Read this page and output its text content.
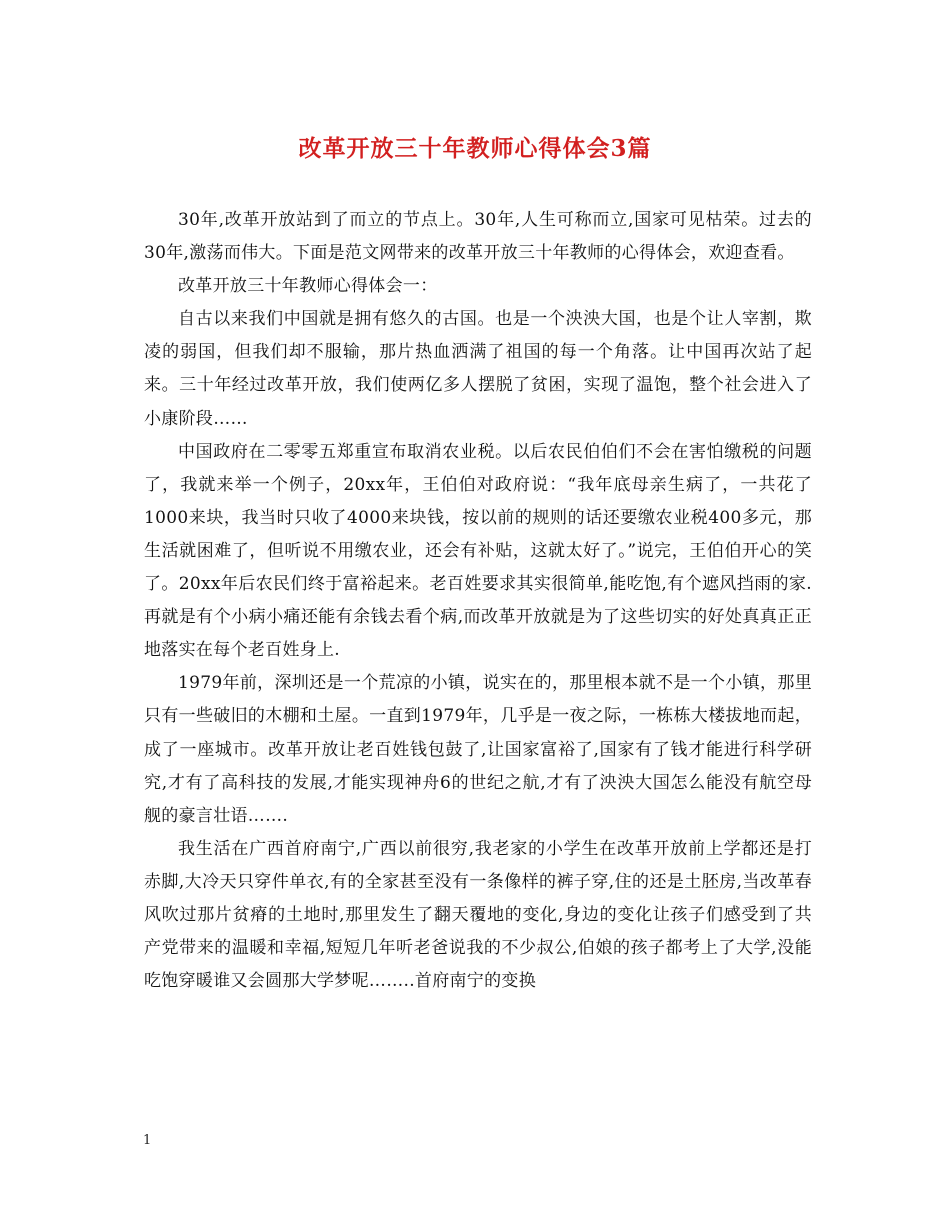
改革开放三十年教师心得体会3篇

30年,改革开放站到了而立的节点上。30年,人生可称而立,国家可见枯荣。过去的30年,激荡而伟大。下面是范文网带来的改革开放三十年教师的心得体会，欢迎查看。

改革开放三十年教师心得体会一：

自古以来我们中国就是拥有悠久的古国。也是一个泱泱大国，也是个让人宰割，欺凌的弱国，但我们却不服输，那片热血洒满了祖国的每一个角落。让中国再次站了起来。三十年经过改革开放，我们使两亿多人摆脱了贫困，实现了温饱，整个社会进入了小康阶段……

中国政府在二零零五郑重宣布取消农业税。以后农民伯伯们不会在害怕缴税的问题了，我就来举一个例子，20xx年，王伯伯对政府说：“我年底母亲生病了，一共花了1000来块，我当时只收了4000来块钱，按以前的规则的话还要缴农业税400多元，那生活就困难了，但听说不用缴农业，还会有补贴，这就太好了。”说完，王伯伯开心的笑了。20xx年后农民们终于富裕起来。老百姓要求其实很简单,能吃饱,有个遮风挡雨的家.再就是有个小病小痛还能有余钱去看个病,而改革开放就是为了这些切实的好处真真正正地落实在每个老百姓身上.

1979年前，深圳还是一个荒凉的小镇，说实在的，那里根本就不是一个小镇，那里只有一些破旧的木棚和土屋。一直到1979年，几乎是一夜之际，一栋栋大楼拔地而起，成了一座城市。改革开放让老百姓钱包鼓了,让国家富裕了,国家有了钱才能进行科学研究,才有了高科技的发展,才能实现神舟6的世纪之航,才有了泱泱大国怎么能没有航空母舰的豪言壮语…….

我生活在广西首府南宁,广西以前很穷,我老家的小学生在改革开放前上学都还是打赤脚,大冷天只穿件单衣,有的全家甚至没有一条像样的裤子穿,住的还是土胚房,当改革春风吹过那片贫瘠的土地时,那里发生了翻天覆地的变化,身边的变化让孩子们感受到了共产党带来的温暖和幸福,短短几年听老爸说我的不少叔公,伯娘的孩子都考上了大学,没能吃饱穿暖谁又会圆那大学梦呢……..首府南宁的变换

1
